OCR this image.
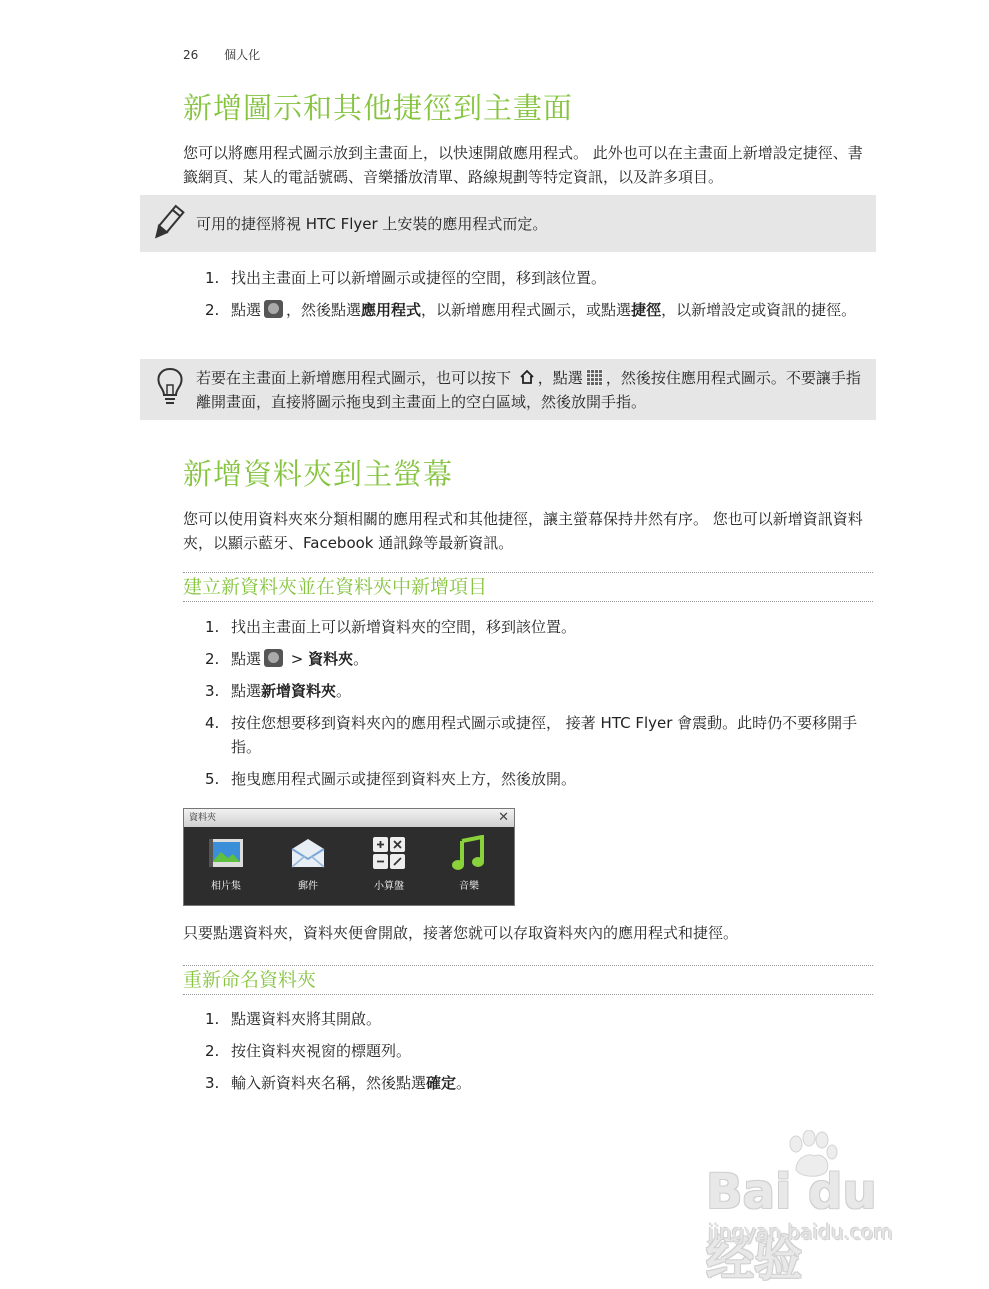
26 個人化
新增圖示和其他捷徑到主畫面

您可以將應用程式圖示放到主畫面上，以快速開啟應用程式。 此外也可以在主畫面上新增設定捷徑、書籤網頁、某人的電話號碼、音樂播放清單、路線規劃等特定資訊，以及許多項目。

可用的捷徑將視 HTC Flyer 上安裝的應用程式而定。
1. 找出主畫面上可以新增圖示或捷徑的空間，移到該位置。
2. 點選 ，然後點選應用程式，以新增應用程式圖示，或點選捷徑，以新增設定或資訊的捷徑。
若要在主畫面上新增應用程式圖示，也可以按下 ，點選 ，然後按住應用程式圖示。不要讓手指離開畫面，直接將圖示拖曳到主畫面上的空白區域，然後放開手指。
新增資料夾到主螢幕

您可以使用資料夾來分類相關的應用程式和其他捷徑，讓主螢幕保持井然有序。 您也可以新增資訊資料夾，以顯示藍牙、Facebook 通訊錄等最新資訊。

建立新資料夾並在資料夾中新增項目
1. 找出主畫面上可以新增資料夾的空間，移到該位置。
2. 點選 > 資料夾。
3. 點選新增資料夾。
4. 按住您想要移到資料夾內的應用程式圖示或捷徑， 接著 HTC Flyer 會震動。此時仍不要移開手指。
5. 拖曳應用程式圖示或捷徑到資料夾上方，然後放開。
資料夾	✕
相片集	郵件	小算盤	音樂

只要點選資料夾，資料夾便會開啟，接著您就可以存取資料夾內的應用程式和捷徑。

重新命名資料夾
1. 點選資料夾將其開啟。
2. 按住資料夾視窗的標題列。
3. 輸入新資料夾名稱，然後點選確定。
Bai du 经验
jingyan.baidu.com
